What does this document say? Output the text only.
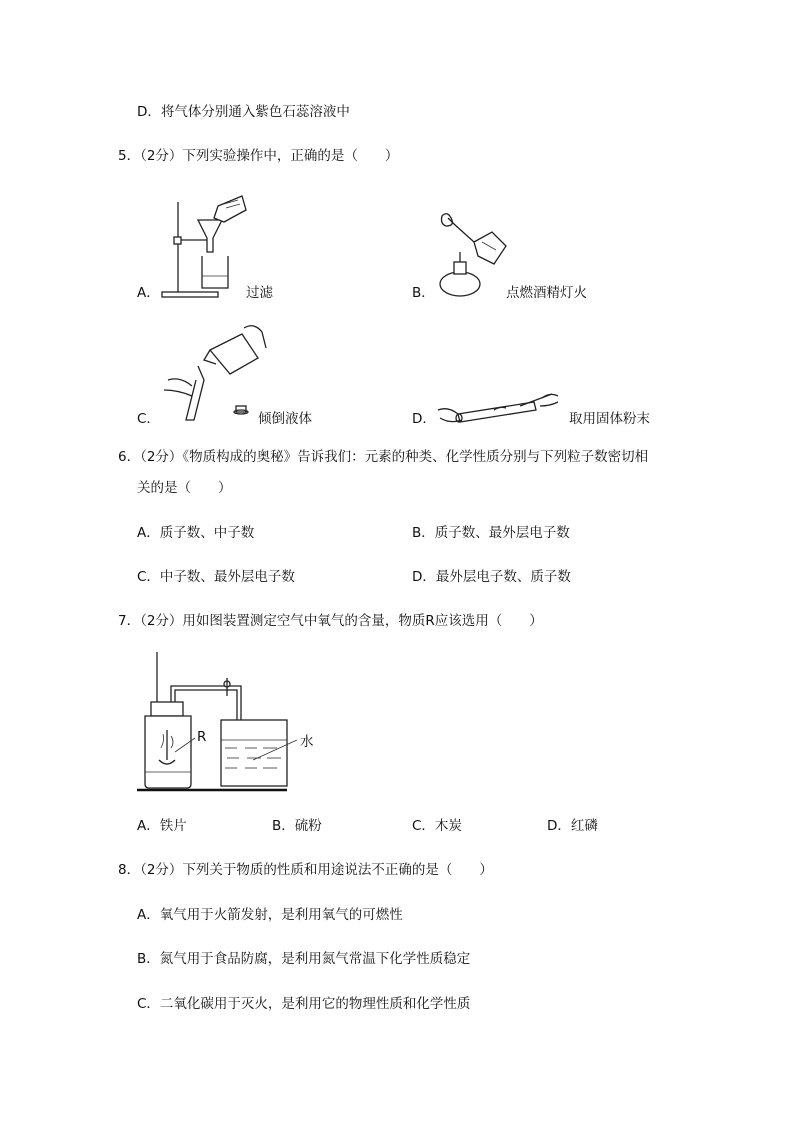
D．将气体分别通入紫色石蕊溶液中
5．（2分）下列实验操作中，正确的是（　　）
A．	过滤	B．	点燃酒精灯火
C．	倾倒液体	D．	取用固体粉末
6．（2分）《物质构成的奥秘》告诉我们：元素的种类、化学性质分别与下列粒子数密切相
关的是（　　）
A．质子数、中子数	B．质子数、最外层电子数
C．中子数、最外层电子数	D．最外层电子数、质子数
7．（2分）用如图装置测定空气中氧气的含量，物质R应该选用（　　）
R	水
A．铁片	B．硫粉	C．木炭	D．红磷
8．（2分）下列关于物质的性质和用途说法不正确的是（　　）
A．氧气用于火箭发射，是利用氧气的可燃性
B．氮气用于食品防腐，是利用氮气常温下化学性质稳定
C．二氧化碳用于灭火，是利用它的物理性质和化学性质
